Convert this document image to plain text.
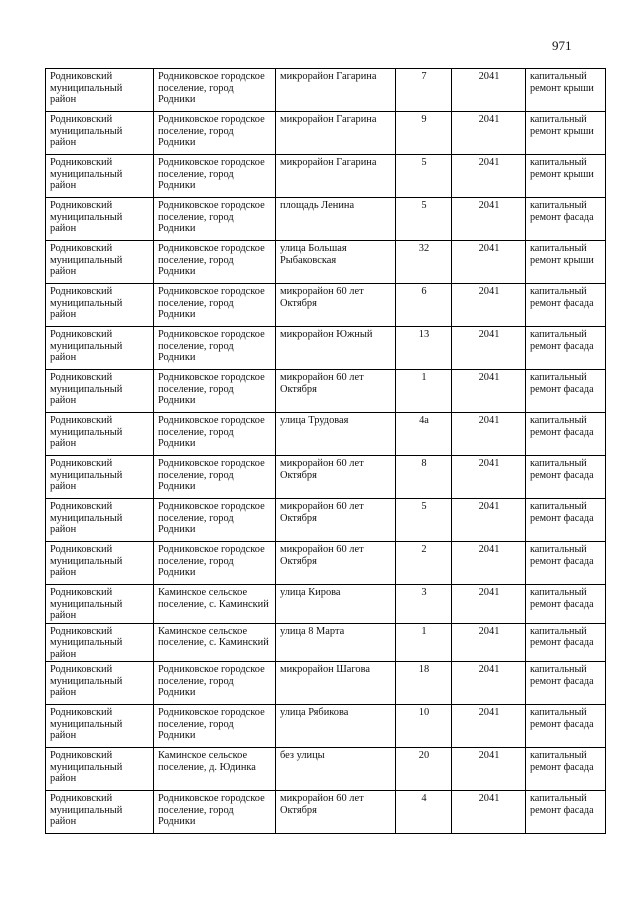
971
Родниковский муниципальный район	Родниковское городское поселение, город Родники	микрорайон Гагарина	7	2041	капитальный ремонт крыши
Родниковский муниципальный район	Родниковское городское поселение, город Родники	микрорайон Гагарина	9	2041	капитальный ремонт крыши
Родниковский муниципальный район	Родниковское городское поселение, город Родники	микрорайон Гагарина	5	2041	капитальный ремонт крыши
Родниковский муниципальный район	Родниковское городское поселение, город Родники	площадь Ленина	5	2041	капитальный ремонт фасада
Родниковский муниципальный район	Родниковское городское поселение, город Родники	улица Большая Рыбаковская	32	2041	капитальный ремонт крыши
Родниковский муниципальный район	Родниковское городское поселение, город Родники	микрорайон 60 лет Октября	6	2041	капитальный ремонт фасада
Родниковский муниципальный район	Родниковское городское поселение, город Родники	микрорайон Южный	13	2041	капитальный ремонт фасада
Родниковский муниципальный район	Родниковское городское поселение, город Родники	микрорайон 60 лет Октября	1	2041	капитальный ремонт фасада
Родниковский муниципальный район	Родниковское городское поселение, город Родники	улица Трудовая	4а	2041	капитальный ремонт фасада
Родниковский муниципальный район	Родниковское городское поселение, город Родники	микрорайон 60 лет Октября	8	2041	капитальный ремонт фасада
Родниковский муниципальный район	Родниковское городское поселение, город Родники	микрорайон 60 лет Октября	5	2041	капитальный ремонт фасада
Родниковский муниципальный район	Родниковское городское поселение, город Родники	микрорайон 60 лет Октября	2	2041	капитальный ремонт фасада
Родниковский муниципальный район	Каминское сельское поселение, с. Каминский	улица Кирова	3	2041	капитальный ремонт фасада
Родниковский муниципальный район	Каминское сельское поселение, с. Каминский	улица 8 Марта	1	2041	капитальный ремонт фасада
Родниковский муниципальный район	Родниковское городское поселение, город Родники	микрорайон Шагова	18	2041	капитальный ремонт фасада
Родниковский муниципальный район	Родниковское городское поселение, город Родники	улица Рябикова	10	2041	капитальный ремонт фасада
Родниковский муниципальный район	Каминское сельское поселение, д. Юдинка	без улицы	20	2041	капитальный ремонт фасада
Родниковский муниципальный район	Родниковское городское поселение, город Родники	микрорайон 60 лет Октября	4	2041	капитальный ремонт фасада
